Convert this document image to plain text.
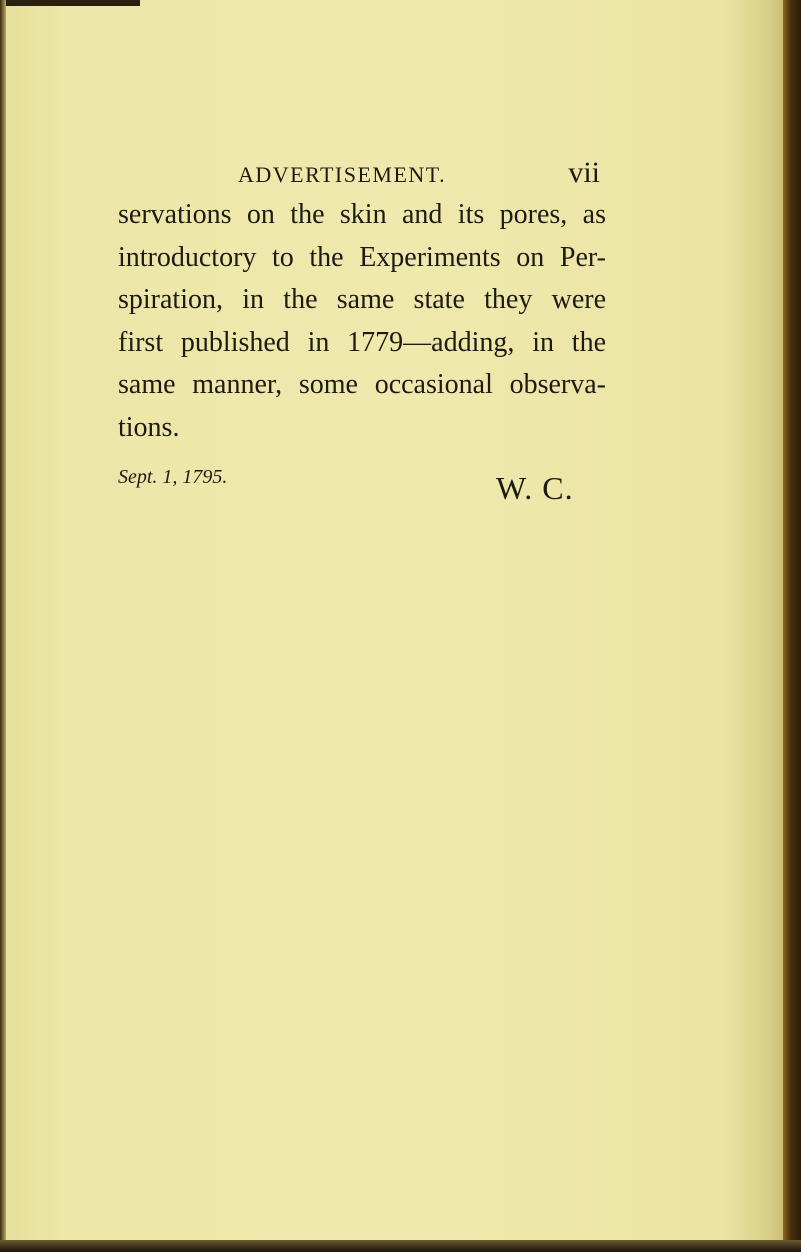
ADVERTISEMENT.	vii
servations on the skin and its pores, as
introductory to the Experiments on Per-
spiration, in the same state they were
first published in 1779—adding, in the
same manner, some occasional observa-
tions.
Sept. 1, 1795.	W. C.
